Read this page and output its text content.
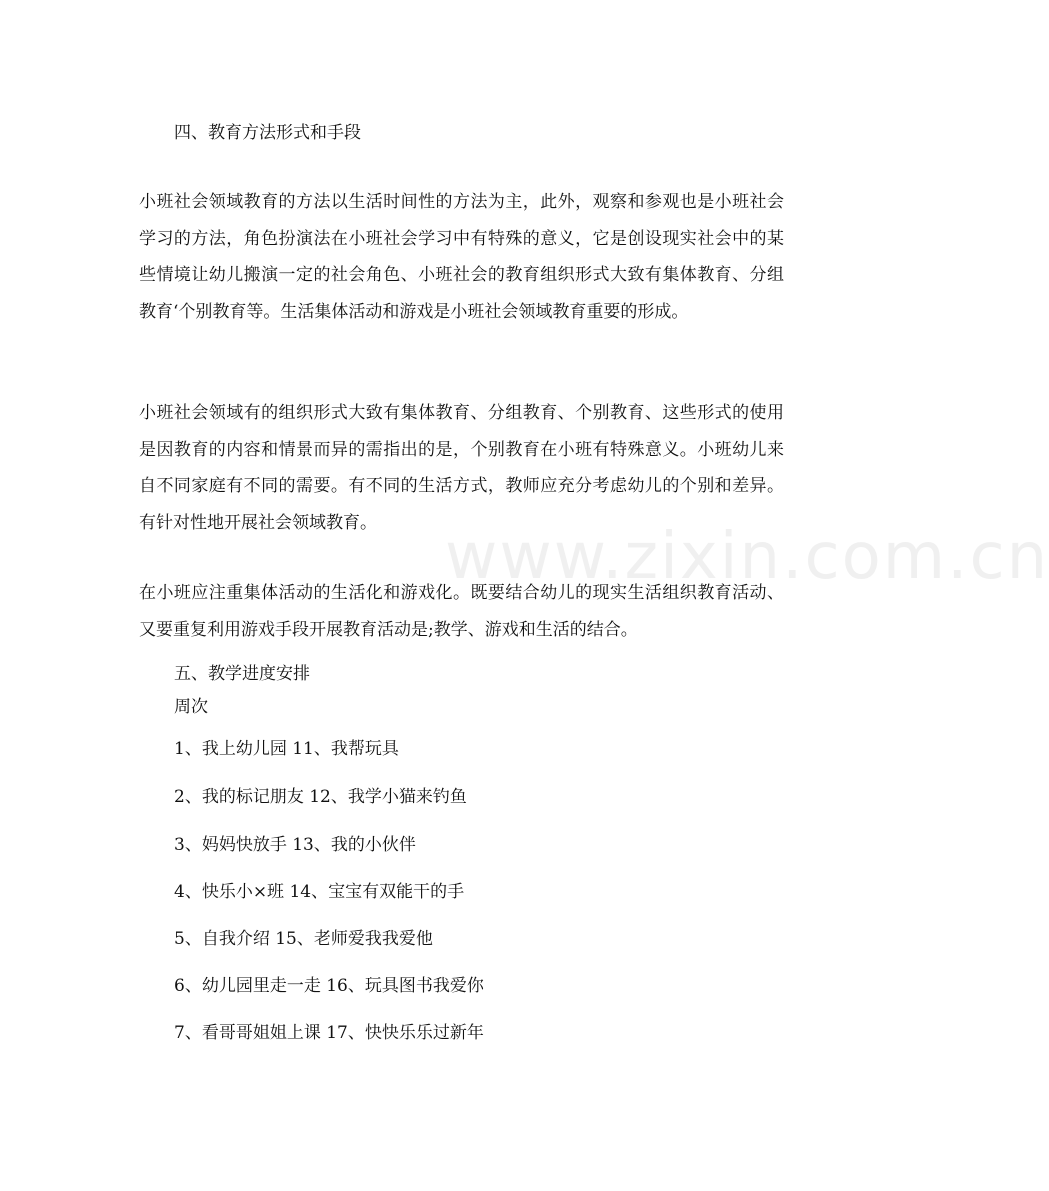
四、教育方法形式和手段
小班社会领域教育的方法以生活时间性的方法为主，此外，观察和参观也是小班社会学习的方法，角色扮演法在小班社会学习中有特殊的意义，它是创设现实社会中的某些情境让幼儿搬演一定的社会角色、小班社会的教育组织形式大致有集体教育、分组教育‘个别教育等。生活集体活动和游戏是小班社会领域教育重要的形成。
小班社会领域有的组织形式大致有集体教育、分组教育、个别教育、这些形式的使用是因教育的内容和情景而异的需指出的是，个别教育在小班有特殊意义。小班幼儿来自不同家庭有不同的需要。有不同的生活方式，教师应充分考虑幼儿的个别和差异。有针对性地开展社会领域教育。
在小班应注重集体活动的生活化和游戏化。既要结合幼儿的现实生活组织教育活动、又要重复利用游戏手段开展教育活动是;教学、游戏和生活的结合。
五、教学进度安排
周次
1、我上幼儿园 11、我帮玩具
2、我的标记朋友 12、我学小猫来钓鱼
3、妈妈快放手 13、我的小伙伴
4、快乐小×班 14、宝宝有双能干的手
5、自我介绍 15、老师爱我我爱他
6、幼儿园里走一走 16、玩具图书我爱你
7、看哥哥姐姐上课 17、快快乐乐过新年
www.zixin.com.cn
